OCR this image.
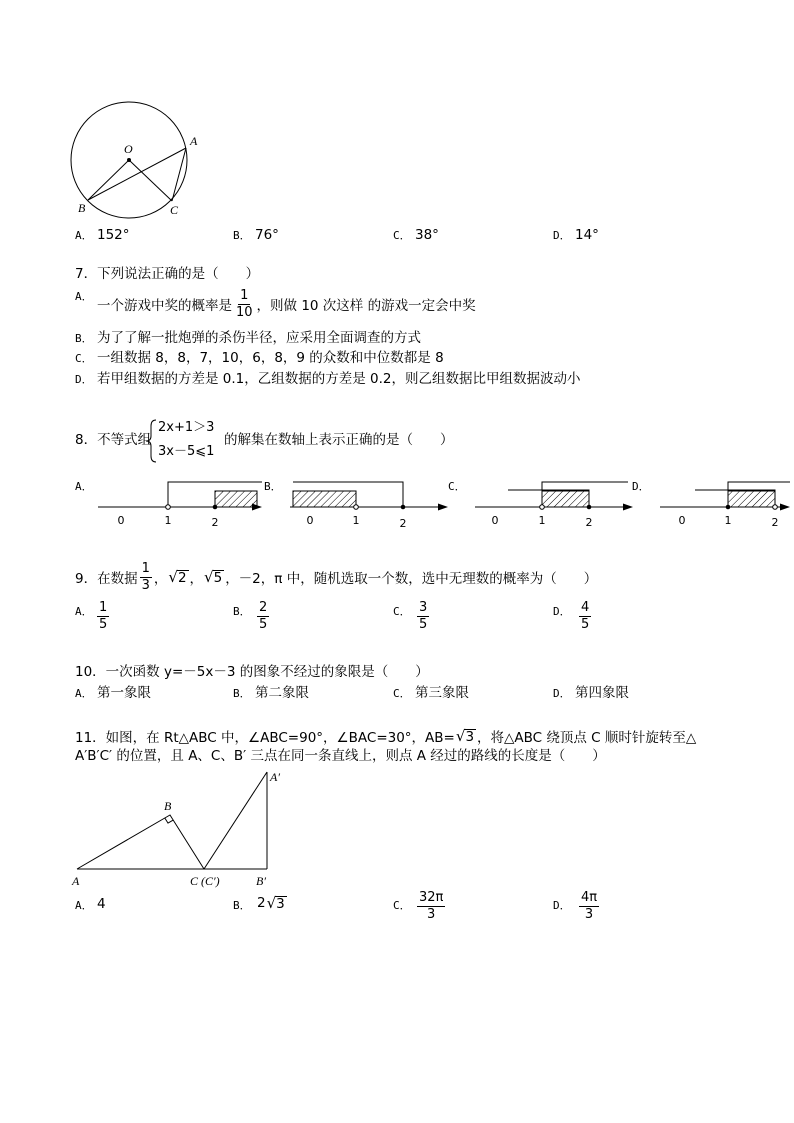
O
A
B	C
A． 152°	B． 76°	C． 38°	D． 14°
7．下列说法正确的是（　　）
A．
一个游戏中奖的概率是 $\frac{1}{10}$ ，则做 10 次这样 的游戏一定会中奖
B． 为了了解一批炮弹的杀伤半径，应采用全面调查的方式
C． 一组数据 8，8，7，10，6，8，9 的众数和中位数都是 8
D． 若甲组数据的方差是 0.1，乙组数据的方差是 0.2，则乙组数据比甲组数据波动小
8．不等式组
2x+1＞3
3x－5⩽1
的解集在数轴上表示正确的是（　　）
0	1	2	0	1	2	0	1	2	0	1	2
A．	B．	C．	D．
9．在数据 $\frac{1}{3}$ ， √ 2 ， √ 5 ，－2，π 中，随机选取一个数，选中无理数的概率为（　　）
A． $\frac{1}{5}$	B． $\frac{2}{5}$	C． $\frac{3}{5}$	D． $\frac{4}{5}$
10．一次函数 y=－5x－3 的图象不经过的象限是（　　）
A． 第一象限	B． 第二象限	C． 第三象限	D． 第四象限
11．如图，在 Rt△ABC 中，∠ABC=90°，∠BAC=30°，AB= √ 3 ，将△ABC 绕顶点 C 顺时针旋转至△
A′B′C′ 的位置，且 A、C、B′ 三点在同一条直线上，则点 A 经过的路线的长度是（　　）
A
B
C (C′)	B′
A′
A． 4	B． 2 √ 3	C． $\frac{32\pi}{3}$	D． $\frac{4\pi}{3}$
